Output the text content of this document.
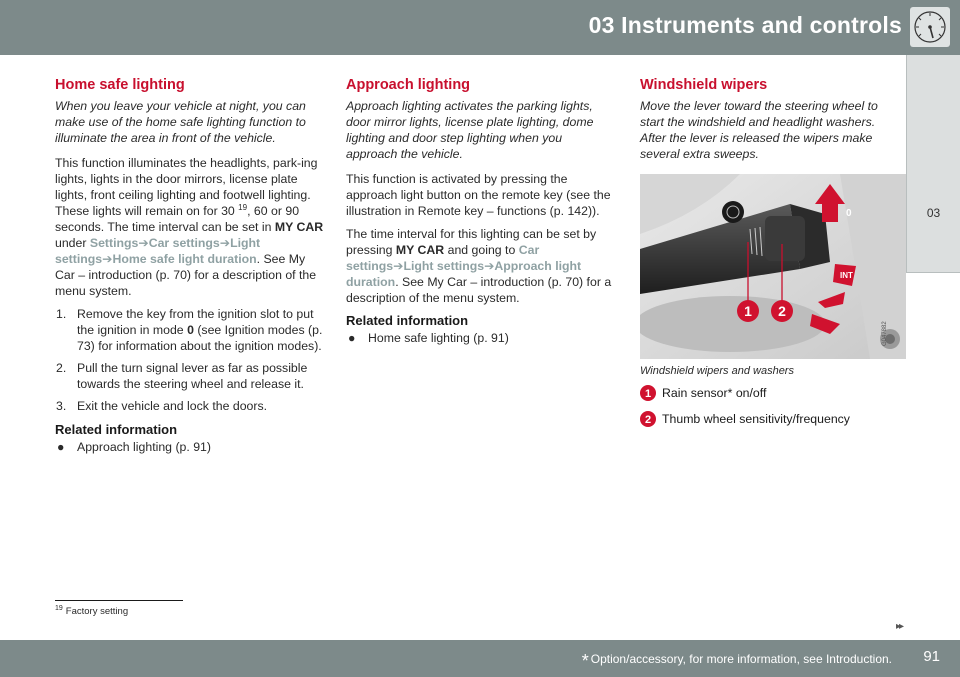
03 Instruments and controls
03
Home safe lighting

When you leave your vehicle at night, you can make use of the home safe lighting function to illuminate the area in front of the vehicle.

This function illuminates the headlights, park-ing lights, lights in the door mirrors, license plate lights, front ceiling lighting and footwell lighting. These lights will remain on for 30 $^{19}$, 60 or 90 seconds. The time interval can be set in MY CAR under Settings➔Car settings➔Light settings➔Home safe light duration. See My Car – introduction (p. 70) for a description of the menu system.

1. Remove the key from the ignition slot to put the ignition in mode 0 (see Ignition modes (p. 73) for information about the ignition modes).
2. Pull the turn signal lever as far as possible towards the steering wheel and release it.
3. Exit the vehicle and lock the doors.
Related information
● Approach lighting (p. 91)
Approach lighting

Approach lighting activates the parking lights, door mirror lights, license plate lighting, dome lighting and door step lighting when you approach the vehicle.

This function is activated by pressing the approach light button on the remote key (see the illustration in Remote key – functions (p. 142)).

The time interval for this lighting can be set by pressing MY CAR and going to Car settings➔Light settings➔Approach light duration. See My Car – introduction (p. 70) for a description of the menu system.

Related information
● Home safe lighting (p. 91)
Windshield wipers

Move the lever toward the steering wheel to start the windshield and headlight washers. After the lever is released the wipers make several extra sweeps.

0
INT
1	2
G047882
Windshield wipers and washers
1 Rain sensor* on/off
2 Thumb wheel sensitivity/frequency
$^{19}$ Factory setting
▸▸
* Option/accessory, for more information, see Introduction. 91
